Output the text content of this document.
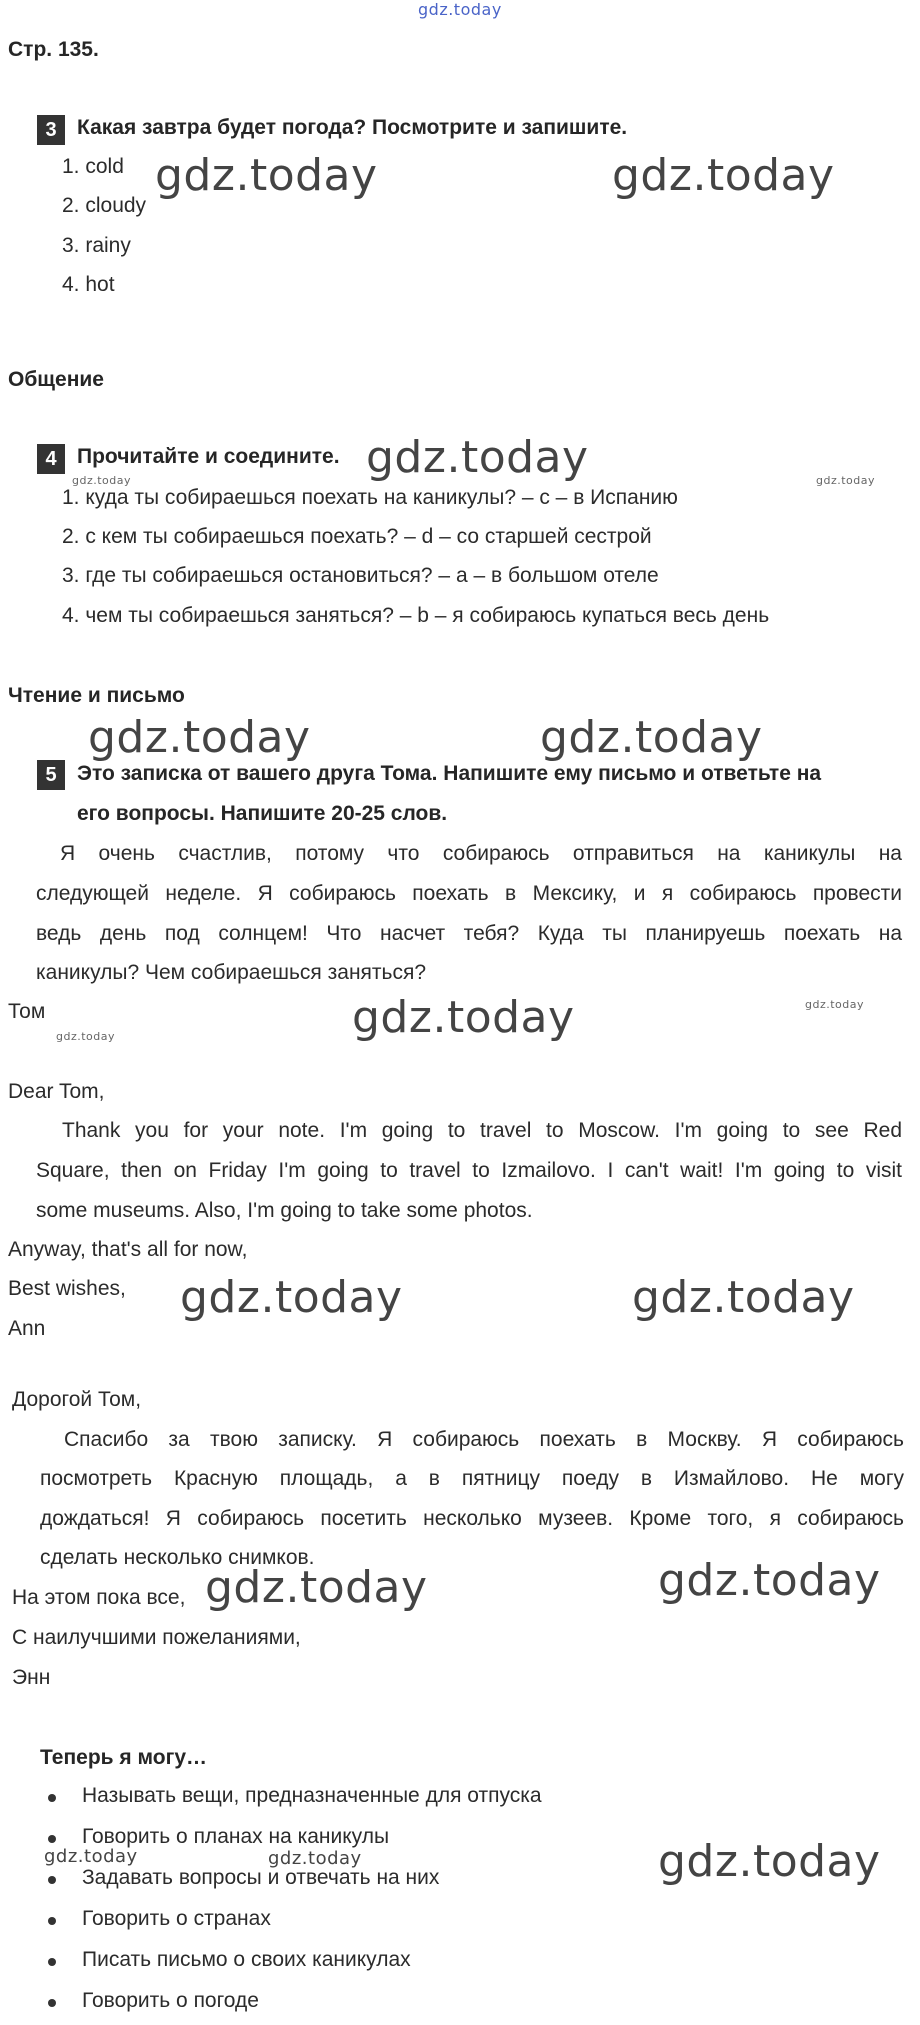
gdz.today
Стр. 135.
3 Какая завтра будет погода? Посмотрите и запишите.
1. cold
2. cloudy
3. rainy
4. hot
gdz.today	gdz.today
Общение
4 Прочитайте и соедините. gdz.today
gdz.today	gdz.today
1. куда ты собираешься поехать на каникулы? – c – в Испанию
2. с кем ты собираешься поехать? – d – со старшей сестрой
3. где ты собираешься остановиться? – a – в большом отеле
4. чем ты собираешься заняться? – b – я собираюсь купаться весь день
Чтение и письмо
gdz.today	gdz.today
5 Это записка от вашего друга Тома. Напишите ему письмо и ответьте на
его вопросы. Напишите 20-25 слов.
Я очень счастлив, потому что собираюсь отправиться на каникулы на
следующей неделе. Я собираюсь поехать в Мексику, и я собираюсь провести
ведь день под солнцем! Что насчет тебя? Куда ты планируешь поехать на
каникулы? Чем собираешься заняться?
Том	gdz.today
gdz.today
gdz.today
Dear Tom,
Thank you for your note. I'm going to travel to Moscow. I'm going to see Red
Square, then on Friday I'm going to travel to Izmailovo. I can't wait! I'm going to visit
some museums. Also, I'm going to take some photos.
Anyway, that's all for now,
Best wishes,
Ann
gdz.today	gdz.today
Дорогой Том,
Спасибо за твою записку. Я собираюсь поехать в Москву. Я собираюсь
посмотреть Красную площадь, а в пятницу поеду в Измайлово. Не могу
дождаться! Я собираюсь посетить несколько музеев. Кроме того, я собираюсь
сделать несколько снимков.
На этом пока все,
С наилучшими пожеланиями,
Энн
gdz.today	gdz.today
Теперь я могу…
Называть вещи, предназначенные для отпуска
Говорить о планах на каникулы
Задавать вопросы и отвечать на них
Говорить о странах
Писать письмо о своих каникулах
Говорить о погоде
gdz.today	gdz.today	gdz.today
